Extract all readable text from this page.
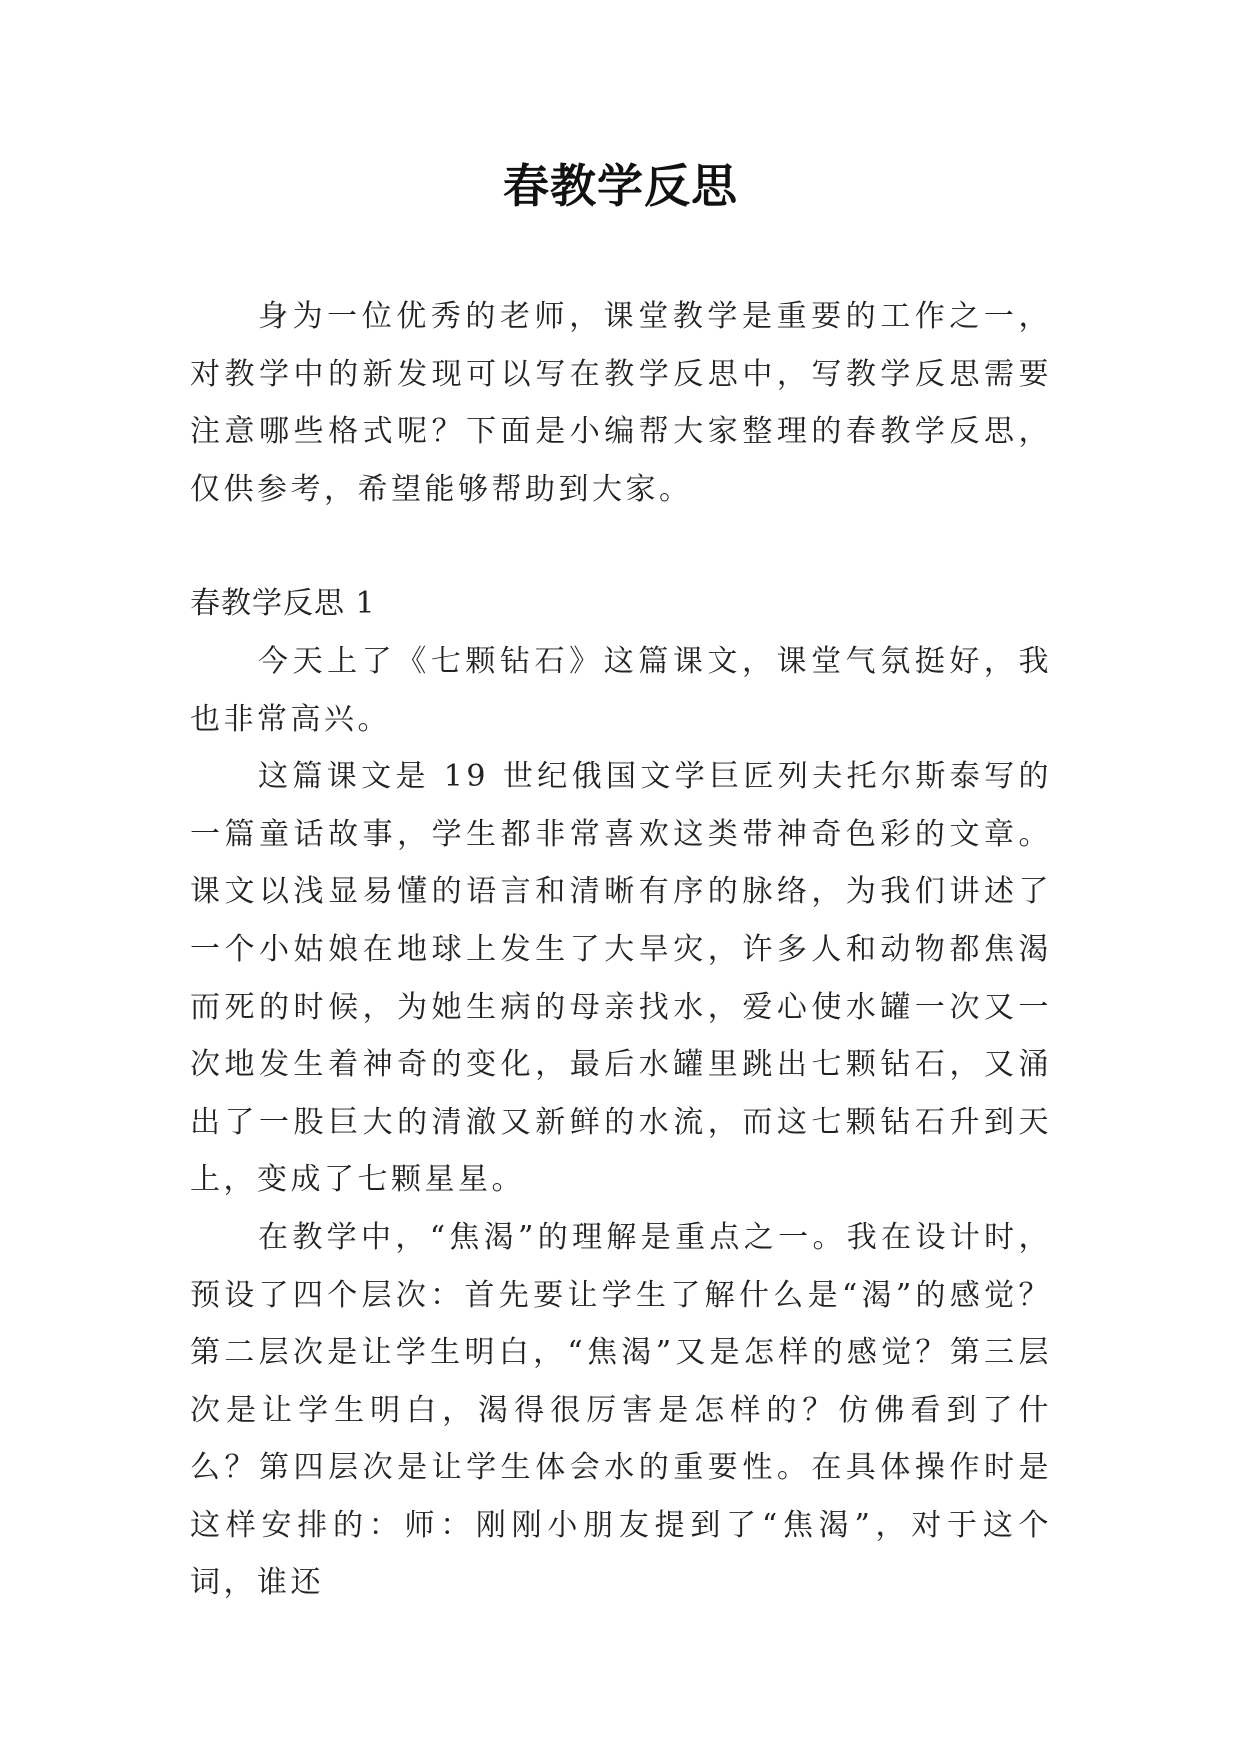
春教学反思

身为一位优秀的老师，课堂教学是重要的工作之一，对教学中的新发现可以写在教学反思中，写教学反思需要注意哪些格式呢？下面是小编帮大家整理的春教学反思，仅供参考，希望能够帮助到大家。

春教学反思 1

今天上了《七颗钻石》这篇课文，课堂气氛挺好，我也非常高兴。

这篇课文是 19 世纪俄国文学巨匠列夫托尔斯泰写的一篇童话故事，学生都非常喜欢这类带神奇色彩的文章。课文以浅显易懂的语言和清晰有序的脉络，为我们讲述了一个小姑娘在地球上发生了大旱灾，许多人和动物都焦渴而死的时候，为她生病的母亲找水，爱心使水罐一次又一次地发生着神奇的变化，最后水罐里跳出七颗钻石，又涌出了一股巨大的清澈又新鲜的水流，而这七颗钻石升到天上，变成了七颗星星。

在教学中，“焦渴”的理解是重点之一。我在设计时，预设了四个层次：首先要让学生了解什么是“渴”的感觉？第二层次是让学生明白，“焦渴”又是怎样的感觉？第三层次是让学生明白，渴得很厉害是怎样的？仿佛看到了什么？第四层次是让学生体会水的重要性。在具体操作时是这样安排的：师：刚刚小朋友提到了“焦渴”，对于这个词，谁还
